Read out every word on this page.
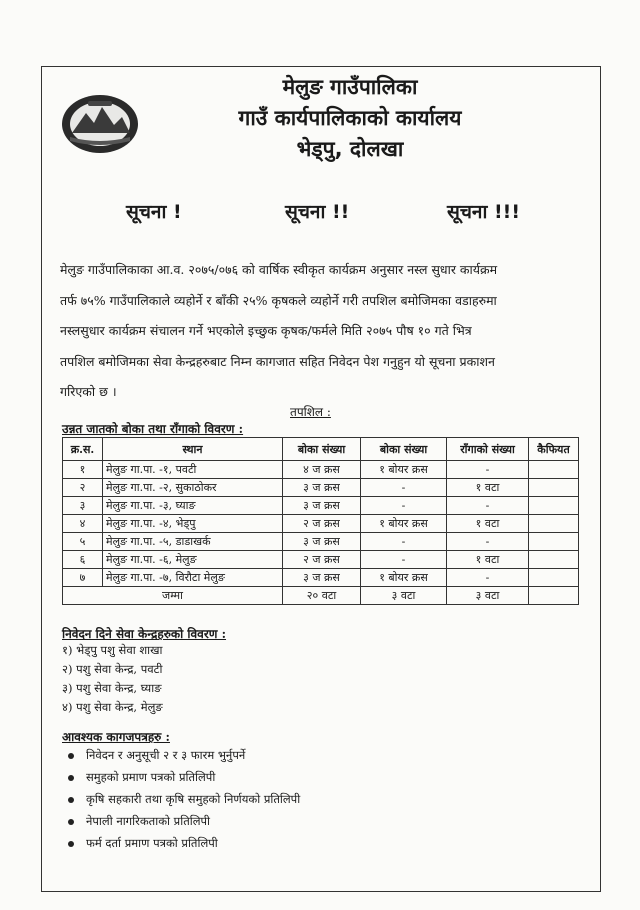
मेलुङ गाउँपालिका
गाउँ कार्यपालिकाको कार्यालय
भेड्पु, दोलखा
सूचना !	सूचना !!	सूचना !!!
मेलुङ गाउँपालिकाका आ.व. २०७५/०७६ को वार्षिक स्वीकृत कार्यक्रम अनुसार नस्ल सुधार कार्यक्रम
तर्फ ७५% गाउँपालिकाले व्यहोर्ने र बाँकी २५% कृषकले व्यहोर्ने गरी तपशिल बमोजिमका वडाहरुमा
नस्लसुधार कार्यक्रम संचालन गर्ने भएकोले इच्छुक कृषक/फर्मले मिति २०७५ पौष १० गते भित्र
तपशिल बमोजिमका सेवा केन्द्रहरुबाट निम्न कागजात सहित निवेदन पेश गनुहुन यो सूचना प्रकाशन
गरिएको छ ।
तपशिल :
उन्नत जातको बोका तथा राँगाको विवरण :
क्र.स.	स्थान	बोका संख्या	बोका संख्या	राँगाको संख्या	कैफियत
१	मेलुङ गा.पा. -१, पवटी	४ ज क्रस	१ बोयर क्रस	-	
२	मेलुङ गा.पा. -२, सुकाठोकर	३ ज क्रस	-	१ वटा	
३	मेलुङ गा.पा. -३, घ्याङ	३ ज क्रस	-	-	
४	मेलुङ गा.पा. -४, भेड्पु	२ ज क्रस	१ बोयर क्रस	१ वटा	
५	मेलुङ गा.पा. -५, डाडाखर्क	३ ज क्रस	-	-	
६	मेलुङ गा.पा. -६, मेलुङ	२ ज क्रस	-	१ वटा	
७	मेलुङ गा.पा. -७, विरौटा मेलुङ	३ ज क्रस	१ बोयर क्रस	-	
जम्मा		२० वटा	३ वटा	३ वटा	
निवेदन दिने सेवा केन्द्रहरुको विवरण :
१) भेड्पु पशु सेवा शाखा
२) पशु सेवा केन्द्र, पवटी
३) पशु सेवा केन्द्र, घ्याङ
४) पशु सेवा केन्द्र, मेलुङ
आवश्यक कागजपत्रहरु :
निवेदन र अनुसूची २ र ३ फारम भुर्नुपर्ने
समुहको प्रमाण पत्रको प्रतिलिपी
कृषि सहकारी तथा कृषि समुहको निर्णयको प्रतिलिपी
नेपाली नागरिकताको प्रतिलिपी
फर्म दर्ता प्रमाण पत्रको प्रतिलिपी
